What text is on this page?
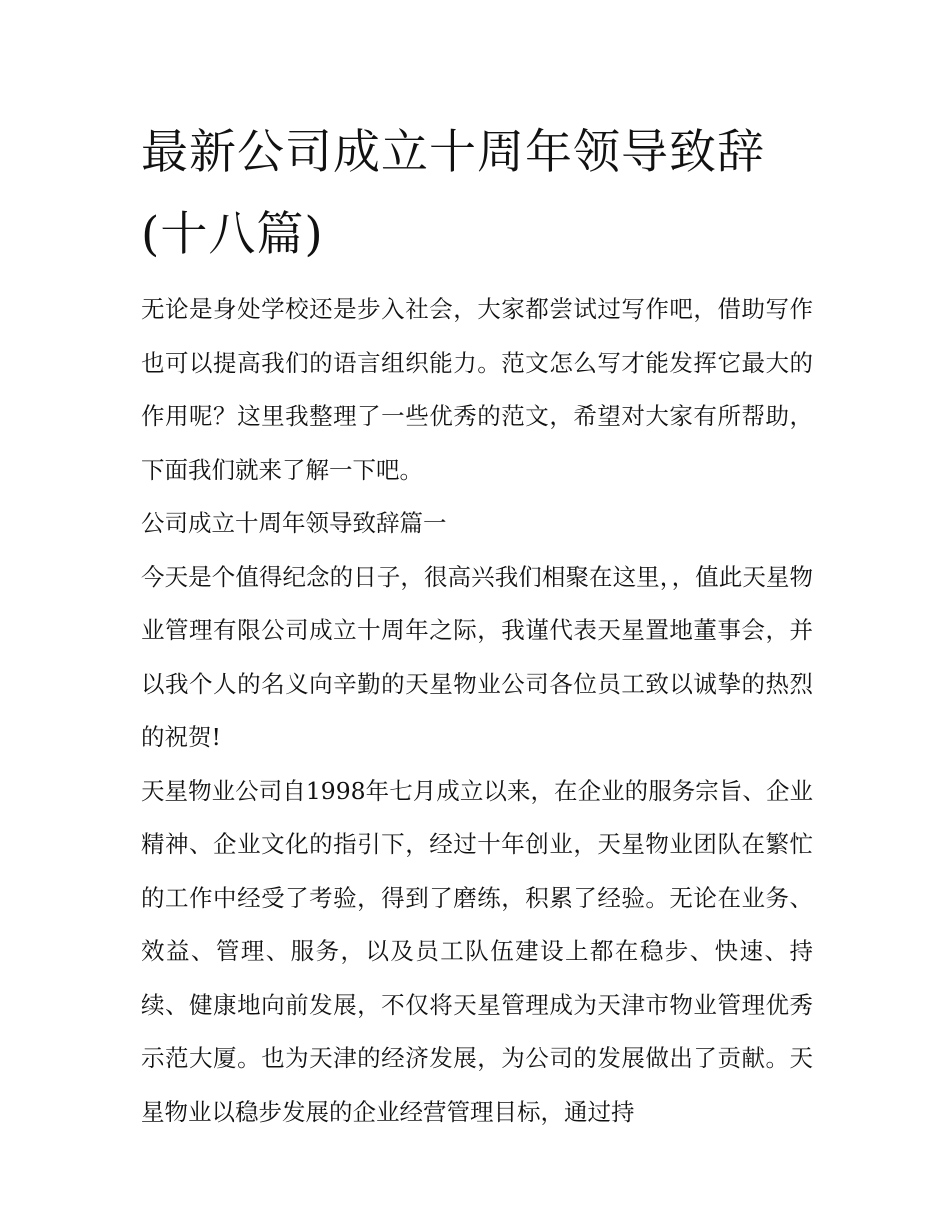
最新公司成立十周年领导致辞(十八篇)

无论是身处学校还是步入社会，大家都尝试过写作吧，借助写作也可以提高我们的语言组织能力。范文怎么写才能发挥它最大的作用呢？这里我整理了一些优秀的范文，希望对大家有所帮助，下面我们就来了解一下吧。

公司成立十周年领导致辞篇一

今天是个值得纪念的日子，很高兴我们相聚在这里，，值此天星物业管理有限公司成立十周年之际，我谨代表天星置地董事会，并以我个人的名义向辛勤的天星物业公司各位员工致以诚挚的热烈的祝贺!

天星物业公司自1998年七月成立以来，在企业的服务宗旨、企业精神、企业文化的指引下，经过十年创业，天星物业团队在繁忙的工作中经受了考验，得到了磨练，积累了经验。无论在业务、效益、管理、服务，以及员工队伍建设上都在稳步、快速、持续、健康地向前发展，不仅将天星管理成为天津市物业管理优秀示范大厦。也为天津的经济发展，为公司的发展做出了贡献。天星物业以稳步发展的企业经营管理目标，通过持
